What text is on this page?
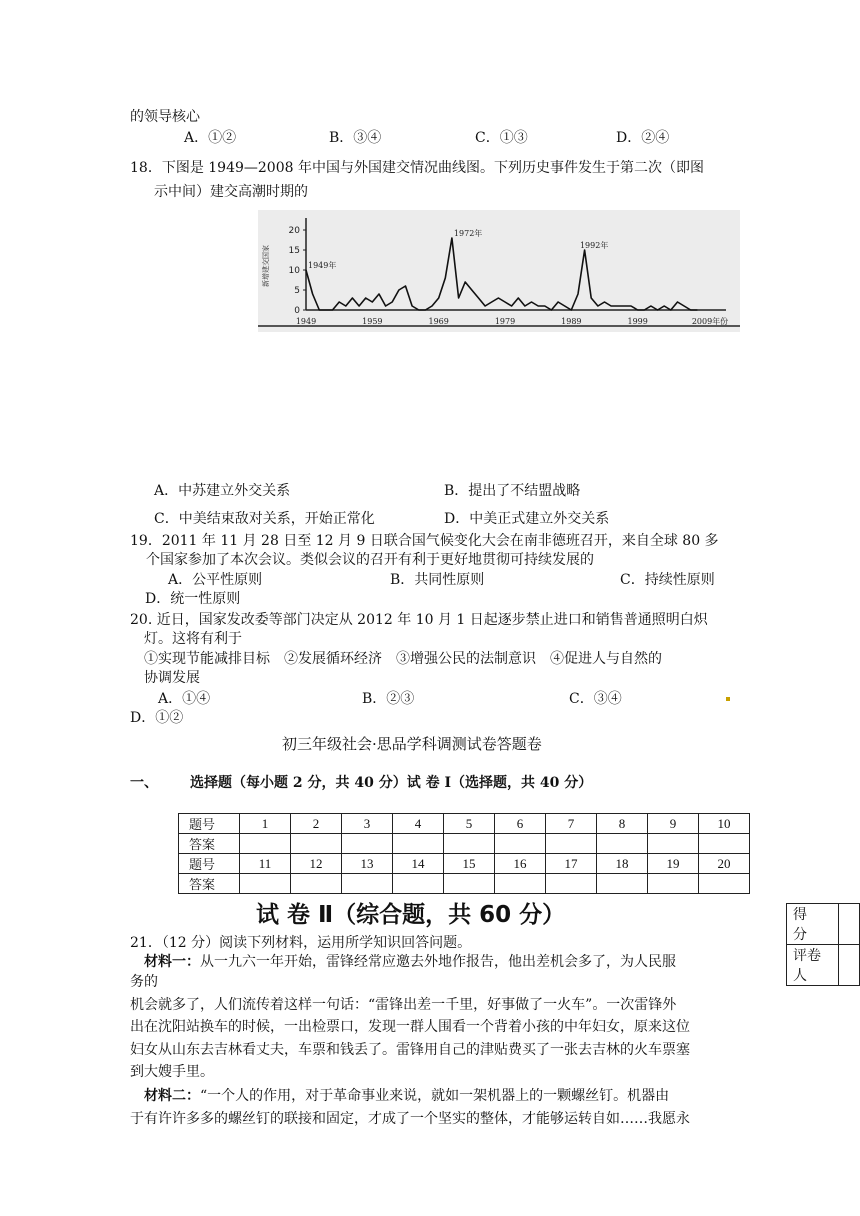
的领导核心
A．①②	B．③④	C．①③	D．②④
18．下图是 1949—2008 年中国与外国建交情况曲线图。下列历史事件发生于第二次（即图
示中间）建交高潮时期的
新增建交国家
0
5
10
15
20
1949	1959	1969	1979	1989	1999	2009年份
1949年
1972年
1992年
A．中苏建立外交关系	B．提出了不结盟战略
C．中美结束敌对关系，开始正常化	D．中美正式建立外交关系
19．2011 年 11 月 28 日至 12 月 9 日联合国气候变化大会在南非德班召开，来自全球 80 多
个国家参加了本次会议。类似会议的召开有利于更好地贯彻可持续发展的
A．公平性原则	B．共同性原则	C．持续性原则
D．统一性原则
20. 近日，国家发改委等部门决定从 2012 年 10 月 1 日起逐步禁止进口和销售普通照明白炽
灯。这将有利于
①实现节能减排目标　②发展循环经济　③增强公民的法制意识　④促进人与自然的
协调发展
A．①④	B．②③	C．③④
D．①②
初三年级社会·思品学科调测试卷答题卷
一、 选择题（每小题 2 分，共 40 分）试 卷 Ⅰ（选择题，共 40 分）
题号	1	2	3	4	5	6	7	8	9	10
答案										
题号	11	12	13	14	15	16	17	18	19	20
答案										
试 卷 Ⅱ（综合题，共 60 分）	得　分	
评卷人	
21．（12 分）阅读下列材料，运用所学知识回答问题。
材料一：从一九六一年开始，雷锋经常应邀去外地作报告，他出差机会多了，为人民服
务的
机会就多了，人们流传着这样一句话：“雷锋出差一千里，好事做了一火车”。一次雷锋外
出在沈阳站换车的时候，一出检票口，发现一群人围看一个背着小孩的中年妇女，原来这位
妇女从山东去吉林看丈夫，车票和钱丢了。雷锋用自己的津贴费买了一张去吉林的火车票塞
到大嫂手里。
材料二：“一个人的作用，对于革命事业来说，就如一架机器上的一颗螺丝钉。机器由
于有许许多多的螺丝钉的联接和固定，才成了一个坚实的整体，才能够运转自如……我愿永
